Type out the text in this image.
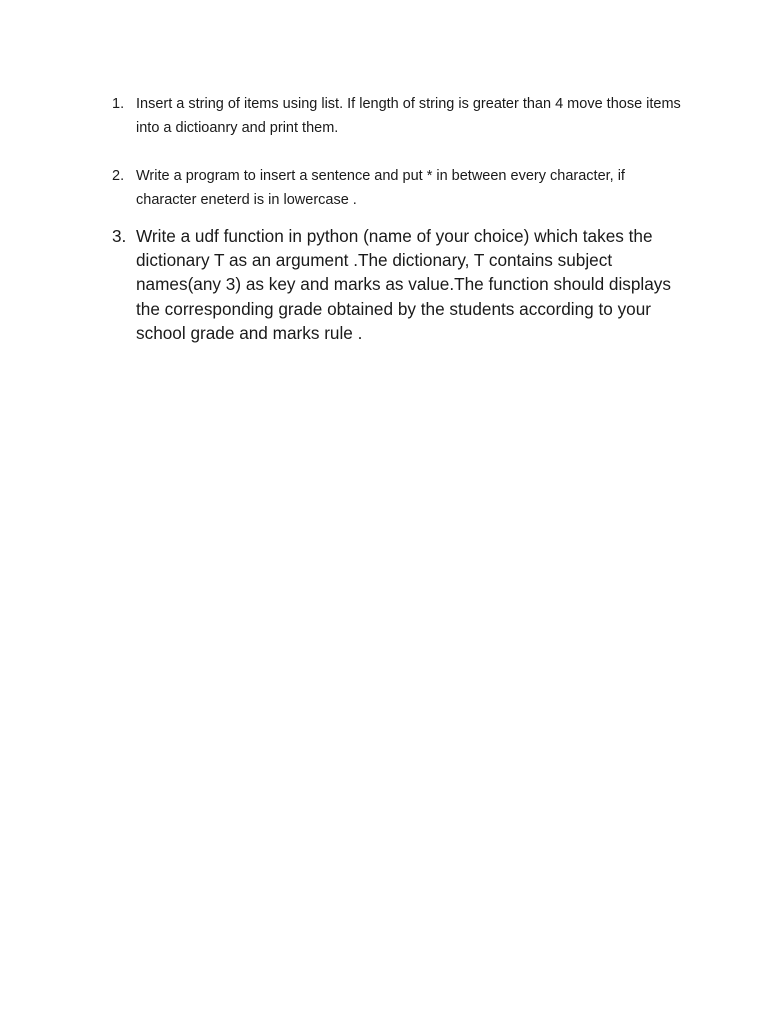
1. Insert a string of items using list. If length of string is greater than 4 move those items into a dictioanry and print them.
2. Write a program to insert a sentence and put * in between every character, if character eneterd is in lowercase .
3. Write a udf function in python (name of your choice) which takes the dictionary T as an argument .The dictionary, T contains subject names(any 3) as key and marks as value.The function should displays the corresponding grade obtained by the students according to your school grade and marks rule .
